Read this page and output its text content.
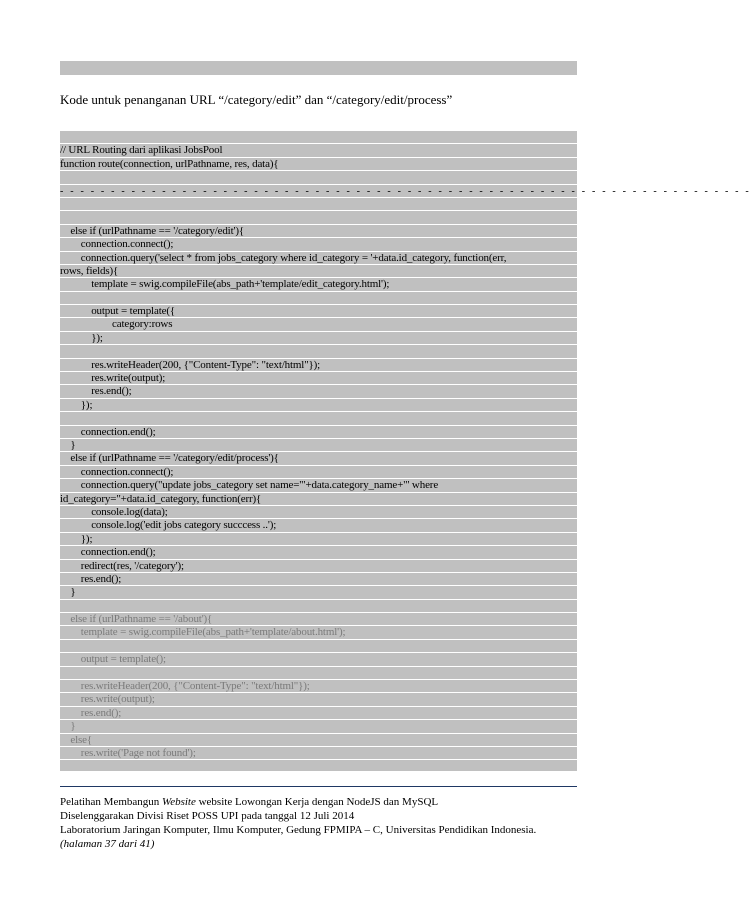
Kode untuk penanganan URL “/category/edit” dan “/category/edit/process”
// URL Routing dari aplikasi JobsPool
function route(connection, urlPathname, res, data){
- - - - - - - - - - - - - - - - - - - - - - - - - - - - - - - - - - - - - - - - - - - - - - - - - - - - - - - - - - - - - - - - - - - -
else if (urlPathname == '/category/edit'){
connection.connect();
connection.query('select * from jobs_category where id_category = '+data.id_category, function(err,
rows, fields){
template = swig.compileFile(abs_path+'template/edit_category.html');
output = template({
category:rows
});
res.writeHeader(200, {"Content-Type": "text/html"});
res.write(output);
res.end();
});
connection.end();
}
else if (urlPathname == '/category/edit/process'){
connection.connect();
connection.query("update jobs_category set name='"+data.category_name+"' where
id_category="+data.id_category, function(err){
console.log(data);
console.log('edit jobs category succcess ..');
});
connection.end();
redirect(res, '/category');
res.end();
}
else if (urlPathname == '/about'){
template = swig.compileFile(abs_path+'template/about.html');
output = template();
res.writeHeader(200, {"Content-Type": "text/html"});
res.write(output);
res.end();
}
else{
res.write('Page not found');
Pelatihan Membangun Website website Lowongan Kerja dengan NodeJS dan MySQL
Diselenggarakan Divisi Riset POSS UPI pada tanggal 12 Juli 2014
Laboratorium Jaringan Komputer, Ilmu Komputer, Gedung FPMIPA – C, Universitas Pendidikan Indonesia.
(halaman 37 dari 41)
